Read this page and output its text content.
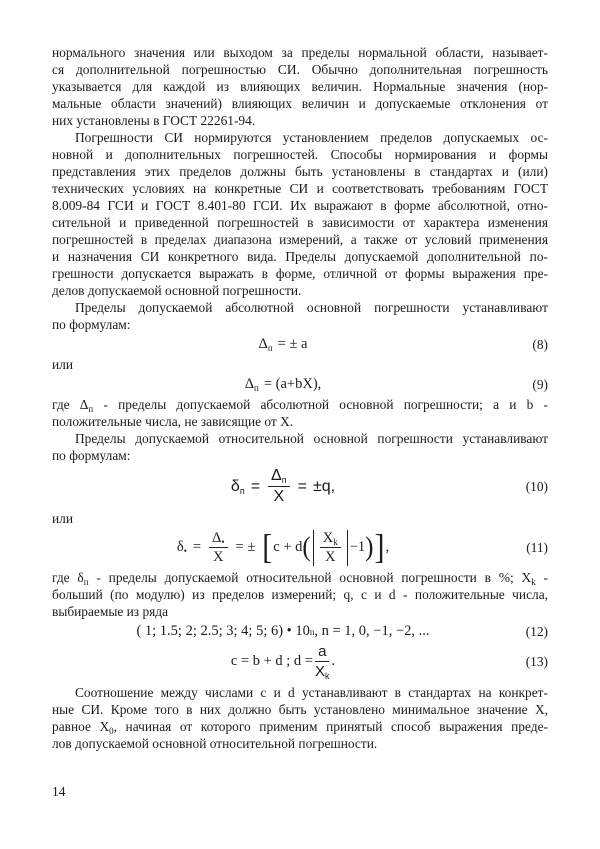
нормального значения или выходом за пределы нормальной области, называет-
ся дополнительной погрешностью СИ. Обычно дополнительная погрешность
указывается для каждой из влияющих величин. Нормальные значения (нор-
мальные области значений) влияющих величин и допускаемые отклонения от
них установлены в ГОСТ 22261-94.
Погрешности СИ нормируются установлением пределов допускаемых ос-
новной и дополнительных погрешностей. Способы нормирования и формы
представления этих пределов должны быть установлены в стандартах и (или)
технических условиях на конкретные СИ и соответствовать требованиям ГОСТ
8.009-84 ГСИ и ГОСТ 8.401-80 ГСИ. Их выражают в форме абсолютной, отно-
сительной и приведенной погрешностей в зависимости от характера изменения
погрешностей в пределах диапазона измерений, а также от условий применения
и назначения СИ конкретного вида. Пределы допускаемой дополнительной по-
грешности допускается выражать в форме, отличной от формы выражения пре-
делов допускаемой основной погрешности.
Пределы допускаемой абсолютной основной погрешности устанавливают
по формулам:
$\Delta_п$ = ± a	(8)
или
$\Delta_п = (a+bX)$,	(9)
где $\Delta_п$ - пределы допускаемой абсолютной основной погрешности; а и b -
положительные числа, не зависящие от X.
Пределы допускаемой относительной основной погрешности устанавливают
по формулам:
$\delta_п = \frac{\Delta_п}{X} = \pm q$,	(10)
или
$\delta_• = \frac{\Delta_•}{X}$ = ± [ c + d ( $\frac{X_k}{X} -1$ ) ] ,	(11)
где $\delta_п$ - пределы допускаемой относительной основной погрешности в %; $X_k$ -
больший (по модулю) из пределов измерений; q, c и d - положительные числа,
выбираемые из ряда
( 1; 1.5; 2; 2.5; 3; 4; 5; 6) • 10 n , n = 1, 0, −1, −2, ...	(12)
c = b + d ; $d = \frac{a}{X_k}$ .	(13)
Соотношение между числами с и d устанавливают в стандартах на конкрет-
ные СИ. Кроме того в них должно быть установлено минимальное значение X,
равное $X_0$, начиная от которого применим принятый способ выражения преде-
лов допускаемой основной относительной погрешности.
14
